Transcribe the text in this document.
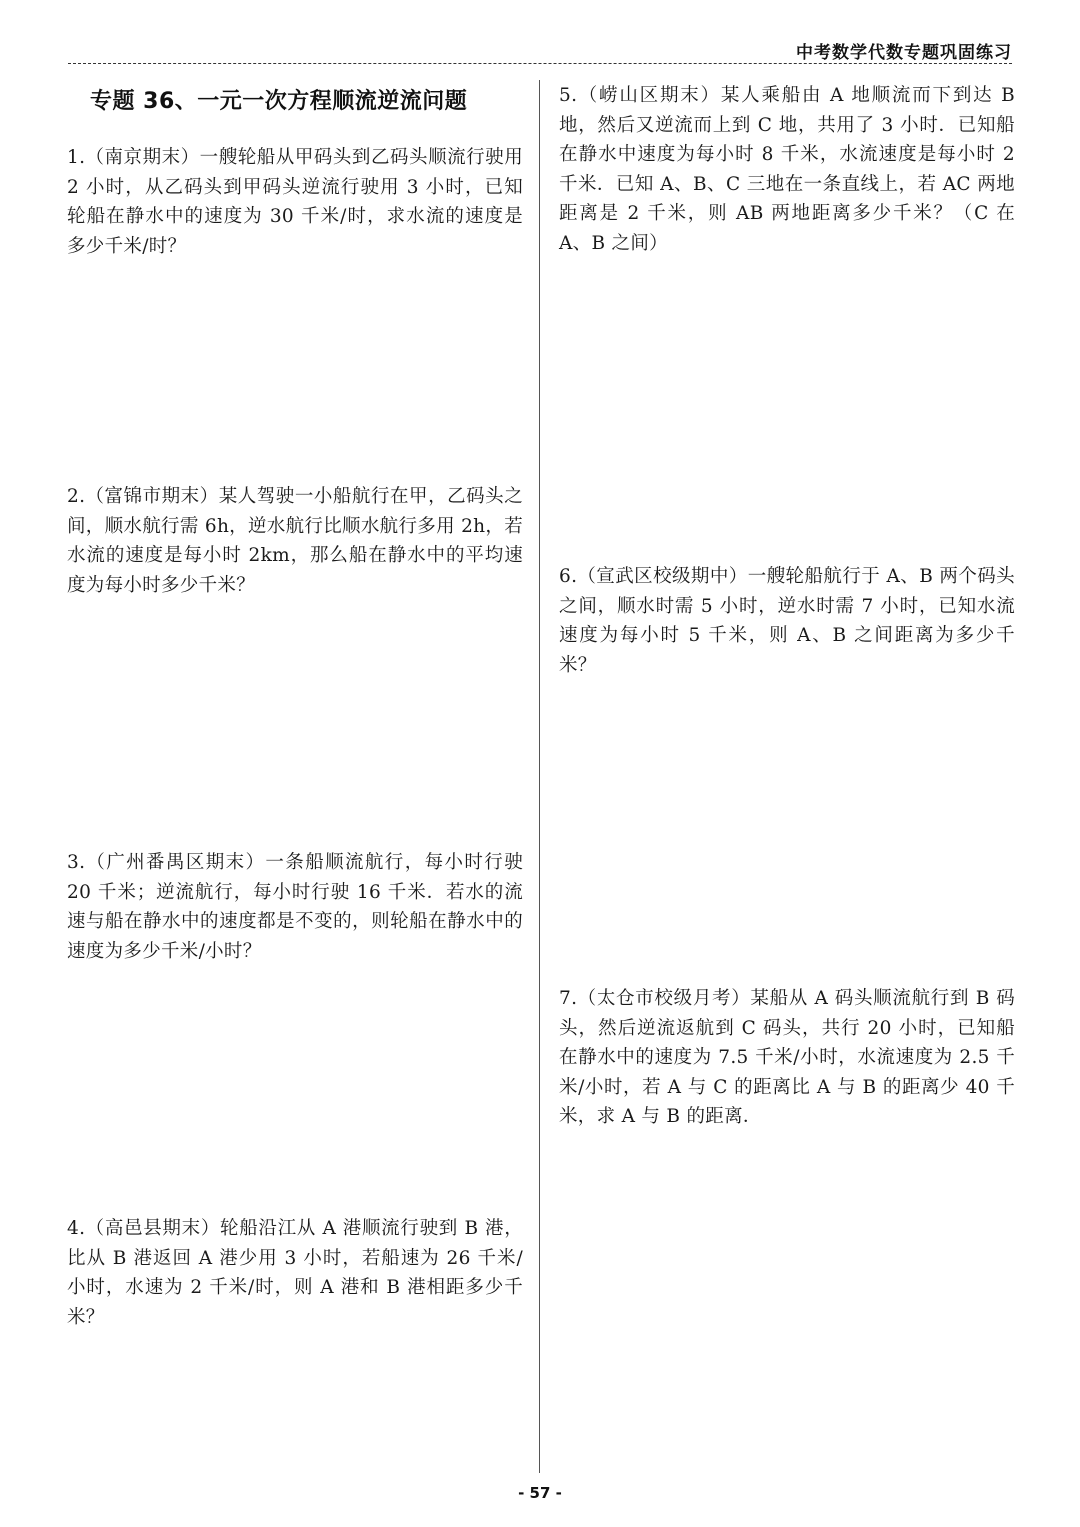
中考数学代数专题巩固练习
专题 36、一元一次方程顺流逆流问题

1.（南京期末）一艘轮船从甲码头到乙码头顺流行驶用 2 小时，从乙码头到甲码头逆流行驶用 3 小时，已知轮船在静水中的速度为 30 千米/时，求水流的速度是多少千米/时？

2.（富锦市期末）某人驾驶一小船航行在甲，乙码头之间，顺水航行需 6h，逆水航行比顺水航行多用 2h，若水流的速度是每小时 2km，那么船在静水中的平均速度为每小时多少千米？

3.（广州番禺区期末）一条船顺流航行，每小时行驶 20 千米；逆流航行，每小时行驶 16 千米．若水的流速与船在静水中的速度都是不变的，则轮船在静水中的速度为多少千米/小时？

4.（高邑县期末）轮船沿江从 A 港顺流行驶到 B 港，比从 B 港返回 A 港少用 3 小时，若船速为 26 千米/小时，水速为 2 千米/时，则 A 港和 B 港相距多少千米？

5.（崂山区期末）某人乘船由 A 地顺流而下到达 B 地，然后又逆流而上到 C 地，共用了 3 小时．已知船在静水中速度为每小时 8 千米，水流速度是每小时 2 千米．已知 A、B、C 三地在一条直线上，若 AC 两地距离是 2 千米，则 AB 两地距离多少千米？（C 在 A、B 之间）

6.（宣武区校级期中）一艘轮船航行于 A、B 两个码头之间，顺水时需 5 小时，逆水时需 7 小时，已知水流速度为每小时 5 千米，则 A、B 之间距离为多少千米？

7.（太仓市校级月考）某船从 A 码头顺流航行到 B 码头，然后逆流返航到 C 码头，共行 20 小时，已知船在静水中的速度为 7.5 千米/小时，水流速度为 2.5 千米/小时，若 A 与 C 的距离比 A 与 B 的距离少 40 千米，求 A 与 B 的距离．

- 57 -
